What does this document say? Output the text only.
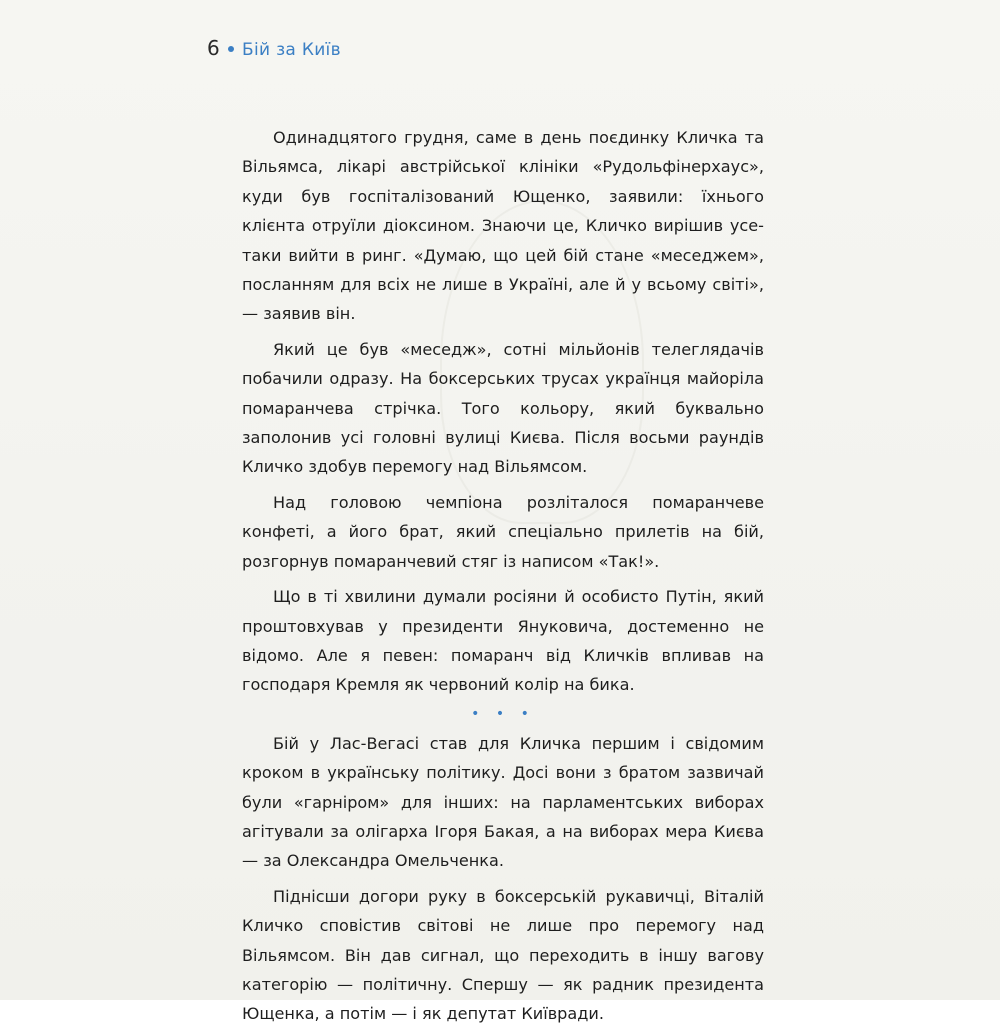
6 Бій за Київ

Одинадцятого грудня, саме в день поєдинку Кличка та Вільямса, лікарі австрійської клініки «Рудольфінерхаус», куди був госпіталізований Ющенко, заявили: їхнього клієнта отруїли діоксином. Знаючи це, Кличко вирішив усе-таки вийти в ринг. «Думаю, що цей бій стане «меседжем», посланням для всіх не лише в Україні, але й у всьому світі», — заявив він.

Який це був «меседж», сотні мільйонів телеглядачів побачили одразу. На боксерських трусах українця майоріла помаранчева стрічка. Того кольору, який буквально заполонив усі головні вулиці Києва. Після восьми раундів Кличко здобув перемогу над Вільямсом.

Над головою чемпіона розліталося помаранчеве конфеті, а його брат, який спеціально прилетів на бій, розгорнув помаранчевий стяг із написом «Так!».

Що в ті хвилини думали росіяни й особисто Путін, який проштовхував у президенти Януковича, достеменно не відомо. Але я певен: помаранч від Кличків впливав на господаря Кремля як червоний колір на бика.

• • •

Бій у Лас-Вегасі став для Кличка першим і свідомим кроком в українську політику. Досі вони з братом зазвичай були «гарніром» для інших: на парламентських виборах агітували за олігарха Ігоря Бакая, а на виборах мера Києва — за Олександра Омельченка.

Піднісши догори руку в боксерській рукавичці, Віталій Кличко сповістив світові не лише про перемогу над Вільямсом. Він дав сигнал, що переходить в іншу вагову категорію — політичну. Спершу — як радник президента Ющенка, а потім — і як депутат Київради.
